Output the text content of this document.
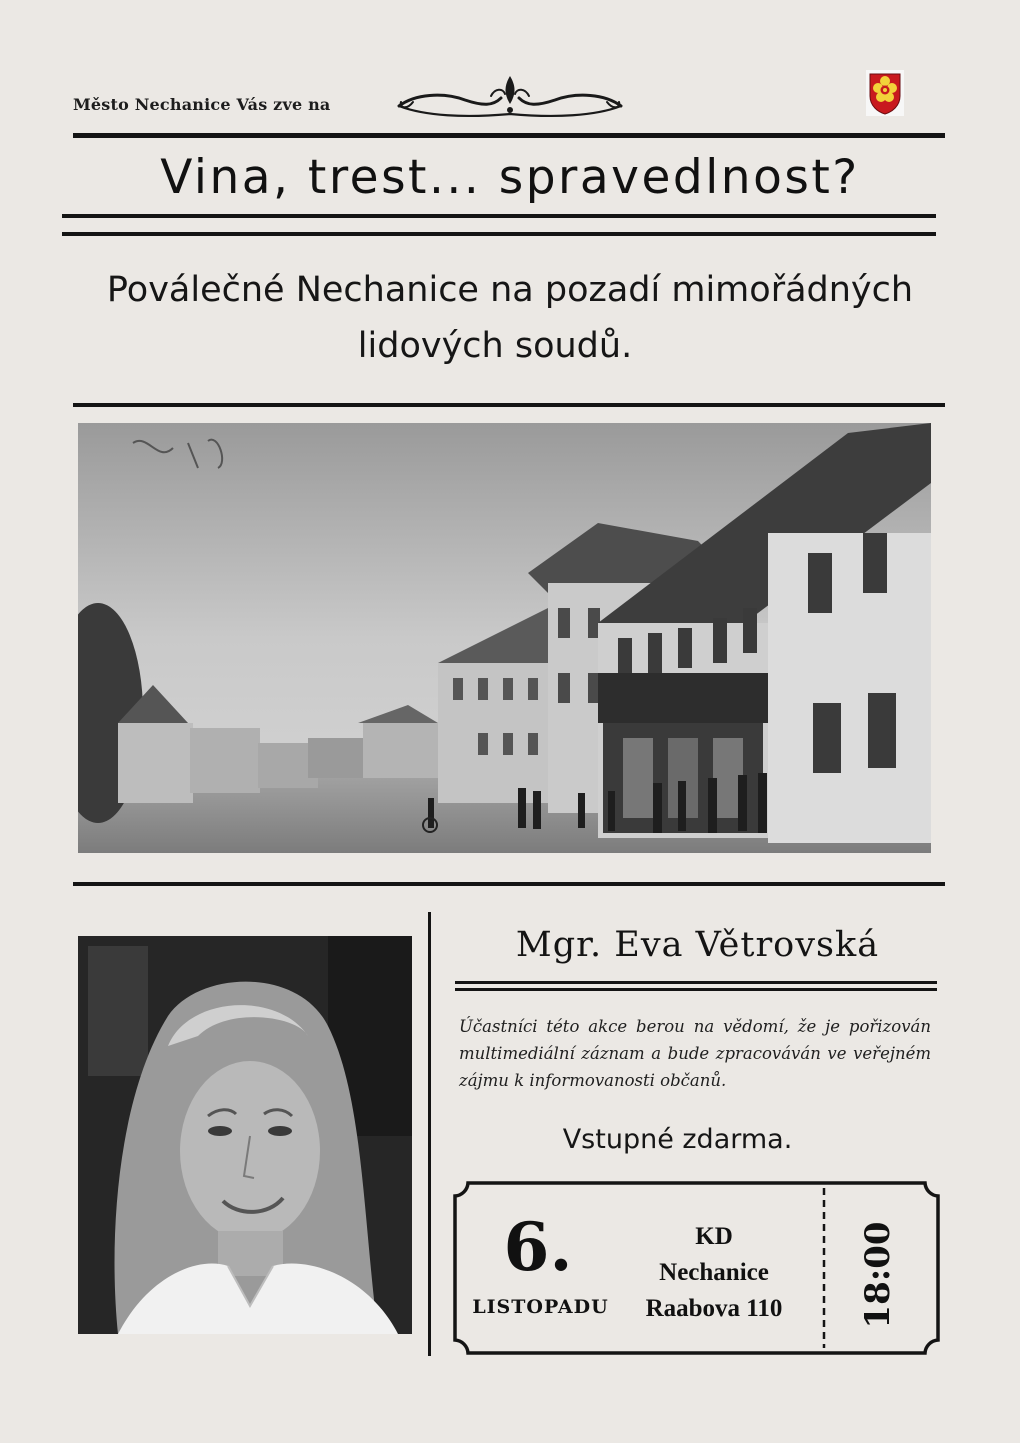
Město Nechanice Vás zve na
Vina, trest... spravedlnost?
Poválečné Nechanice na pozadí mimořádných
lidových soudů.
Mgr. Eva Větrovská
Účastníci této akce berou na vědomí, že je pořizován multimediální záznam a bude zpracováván ve veřejném zájmu k informovanosti občanů.
Vstupné zdarma.
6.
LISTOPADU
KD
Nechanice
Raabova 110	18:00
